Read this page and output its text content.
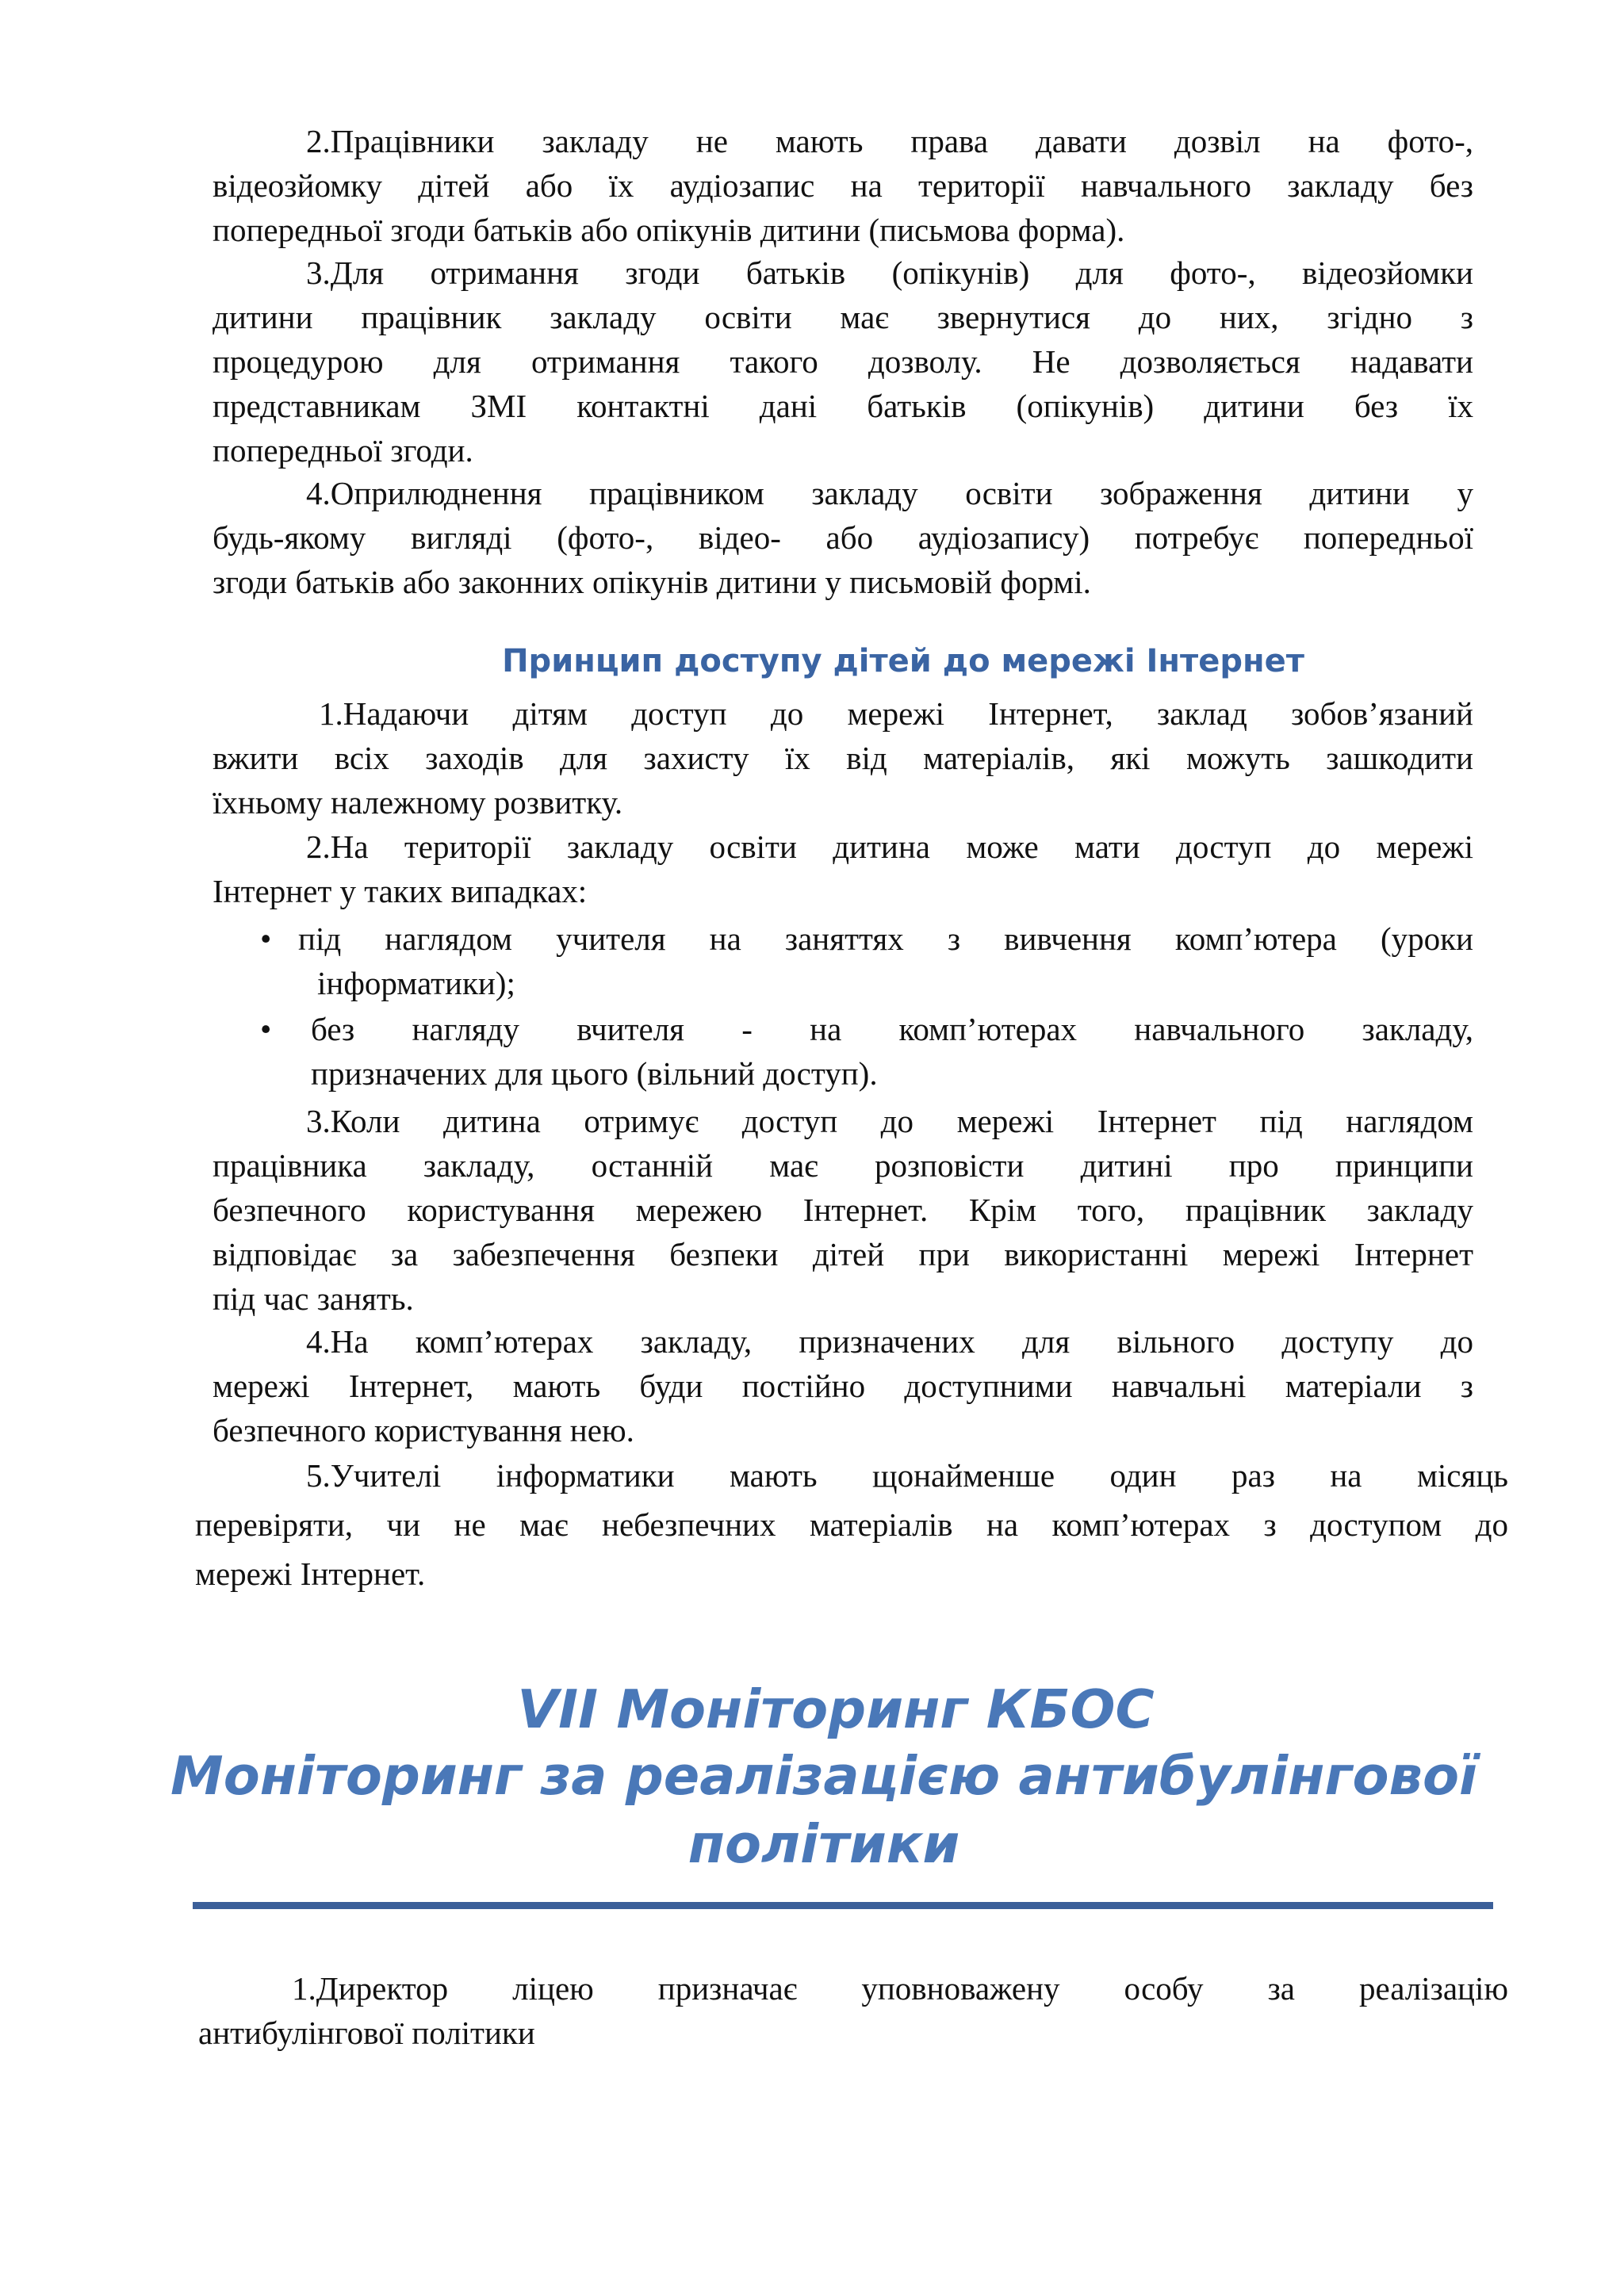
2.Працівники закладу не мають права давати дозвіл на фото-,
відеозйомку дітей або їх аудіозапис на території навчального закладу без
попередньої згоди батьків або опікунів дитини (письмова форма).
3.Для отримання згоди батьків (опікунів) для фото-, відеозйомки
дитини працівник закладу освіти має звернутися до них, згідно з
процедурою для отримання такого дозволу. Не дозволяється надавати
представникам ЗМІ контактні дані батьків (опікунів) дитини без їх
попередньої згоди.
4.Оприлюднення працівником закладу освіти зображення дитини у
будь-якому вигляді (фото-, відео- або аудіозапису) потребує попередньої
згоди батьків або законних опікунів дитини у письмовій формі.
Принцип доступу дітей до мережі Інтернет
1.Надаючи дітям доступ до мережі Інтернет, заклад зобов’язаний
вжити всіх заходів для захисту їх від матеріалів, які можуть зашкодити
їхньому належному розвитку.
2.На території закладу освіти дитина може мати доступ до мережі
Інтернет у таких випадках:
• під наглядом учителя на заняттях з вивчення комп’ютера (уроки
інформатики);
• без нагляду вчителя - на комп’ютерах навчального закладу,
призначених для цього (вільний доступ).
3.Коли дитина отримує доступ до мережі Інтернет під наглядом
працівника закладу, останній має розповісти дитині про принципи
безпечного користування мережею Інтернет. Крім того, працівник закладу
відповідає за забезпечення безпеки дітей при використанні мережі Інтернет
під час занять.
4.На комп’ютерах закладу, призначених для вільного доступу до
мережі Інтернет, мають буди постійно доступними навчальні матеріали з
безпечного користування нею.
5.Учителі інформатики мають щонайменше один раз на місяць
перевіряти, чи не має небезпечних матеріалів на комп’ютерах з доступом до
мережі Інтернет.
VII Моніторинг КБОС
Моніторинг за реалізацією антибулінгової
політики
1.Директор ліцею призначає уповноважену особу за реалізацію
антибулінгової політики
